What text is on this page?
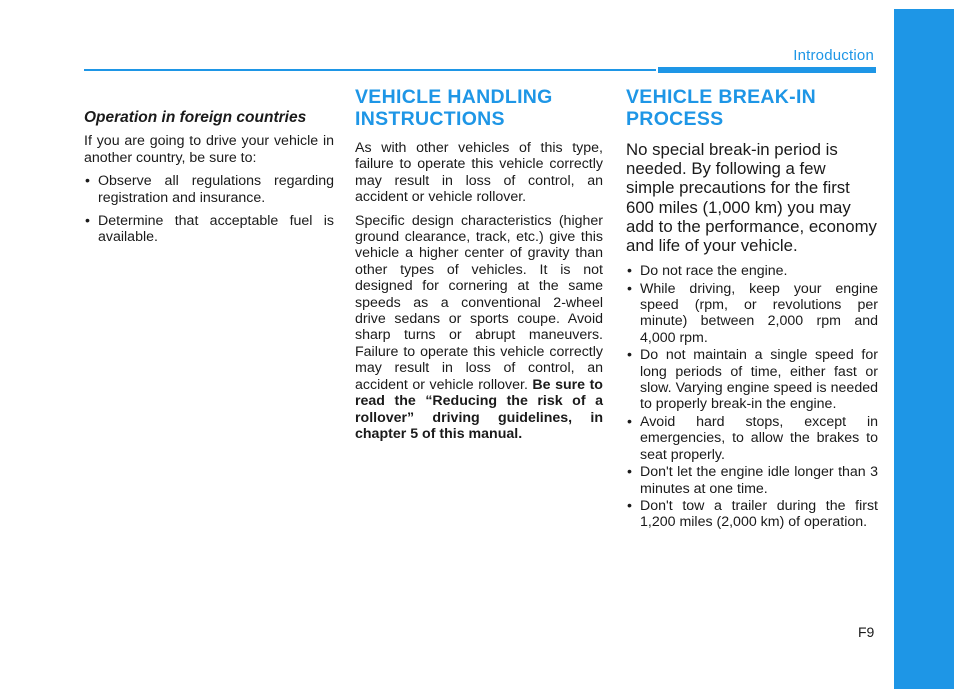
Introduction
Operation in foreign countries

If you are going to drive your vehicle in another country, be sure to:

• Observe all regulations regarding registration and insurance.
• Determine that acceptable fuel is available.
VEHICLE HANDLING
INSTRUCTIONS

As with other vehicles of this type, failure to operate this vehicle correctly may result in loss of control, an accident or vehicle rollover.

Specific design characteristics (higher ground clearance, track, etc.) give this vehicle a higher center of gravity than other types of vehicles. It is not designed for cornering at the same speeds as a conventional 2-wheel drive sedans or sports coupe. Avoid sharp turns or abrupt maneuvers. Failure to operate this vehicle correctly may result in loss of control, an accident or vehicle rollover. Be sure to read the “Reducing the risk of a rollover” driving guidelines, in chapter 5 of this manual.

VEHICLE BREAK-IN
PROCESS

No special break-in period is needed. By following a few simple precautions for the first 600 miles (1,000 km) you may add to the performance, economy and life of your vehicle.

• Do not race the engine.
• While driving, keep your engine speed (rpm, or revolutions per minute) between 2,000 rpm and 4,000 rpm.
• Do not maintain a single speed for long periods of time, either fast or slow. Varying engine speed is needed to properly break-in the engine.
• Avoid hard stops, except in emergencies, to allow the brakes to seat properly.
• Don't let the engine idle longer than 3 minutes at one time.
• Don't tow a trailer during the first 1,200 miles (2,000 km) of operation.
F9
